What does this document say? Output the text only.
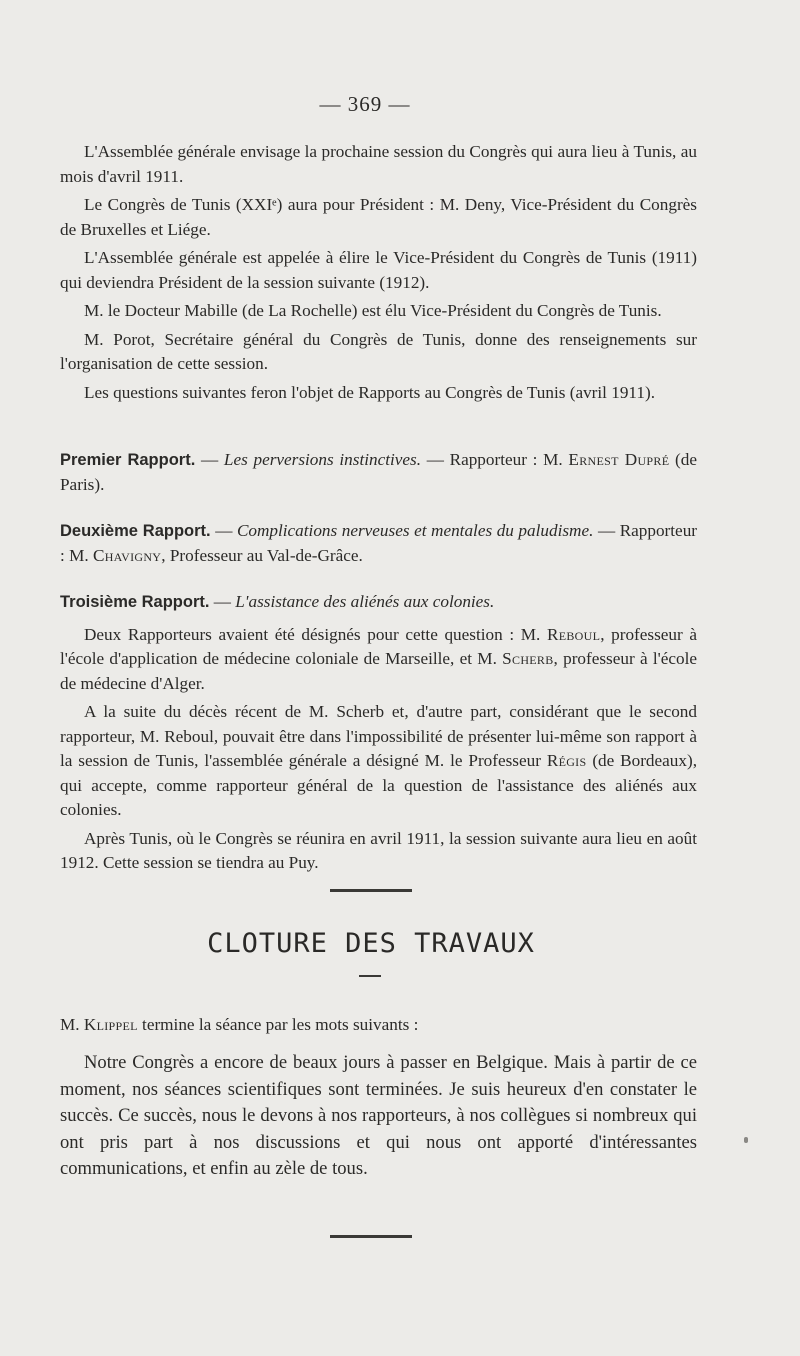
— 369 —

L'Assemblée générale envisage la prochaine session du Congrès qui aura lieu à Tunis, au mois d'avril 1911.

Le Congrès de Tunis (XXIᵉ) aura pour Président : M. Deny, Vice-Président du Congrès de Bruxelles et Liége.

L'Assemblée générale est appelée à élire le Vice-Président du Congrès de Tunis (1911) qui deviendra Président de la session suivante (1912).

M. le Docteur Mabille (de La Rochelle) est élu Vice-Président du Congrès de Tunis.

M. Porot, Secrétaire général du Congrès de Tunis, donne des renseignements sur l'organisation de cette session.

Les questions suivantes feron l'objet de Rapports au Congrès de Tunis (avril 1911).

Premier Rapport. — Les perversions instinctives. — Rapporteur : M. Ernest Dupré (de Paris).

Deuxième Rapport. — Complications nerveuses et mentales du paludisme. — Rapporteur : M. Chavigny, Professeur au Val-de-Grâce.

Troisième Rapport. — L'assistance des aliénés aux colonies.

Deux Rapporteurs avaient été désignés pour cette question : M. Reboul, professeur à l'école d'application de médecine coloniale de Marseille, et M. Scherb, professeur à l'école de médecine d'Alger.

A la suite du décès récent de M. Scherb et, d'autre part, considérant que le second rapporteur, M. Reboul, pouvait être dans l'impossibilité de présenter lui-même son rapport à la session de Tunis, l'assemblée générale a désigné M. le Professeur Régis (de Bordeaux), qui accepte, comme rapporteur général de la question de l'assistance des aliénés aux colonies.

Après Tunis, où le Congrès se réunira en avril 1911, la session suivante aura lieu en août 1912. Cette session se tiendra au Puy.

CLOTURE DES TRAVAUX

M. Klippel termine la séance par les mots suivants :

Notre Congrès a encore de beaux jours à passer en Belgique. Mais à partir de ce moment, nos séances scientifiques sont terminées. Je suis heureux d'en constater le succès. Ce succès, nous le devons à nos rapporteurs, à nos collègues si nombreux qui ont pris part à nos discussions et qui nous ont apporté d'intéressantes communications, et enfin au zèle de tous.
